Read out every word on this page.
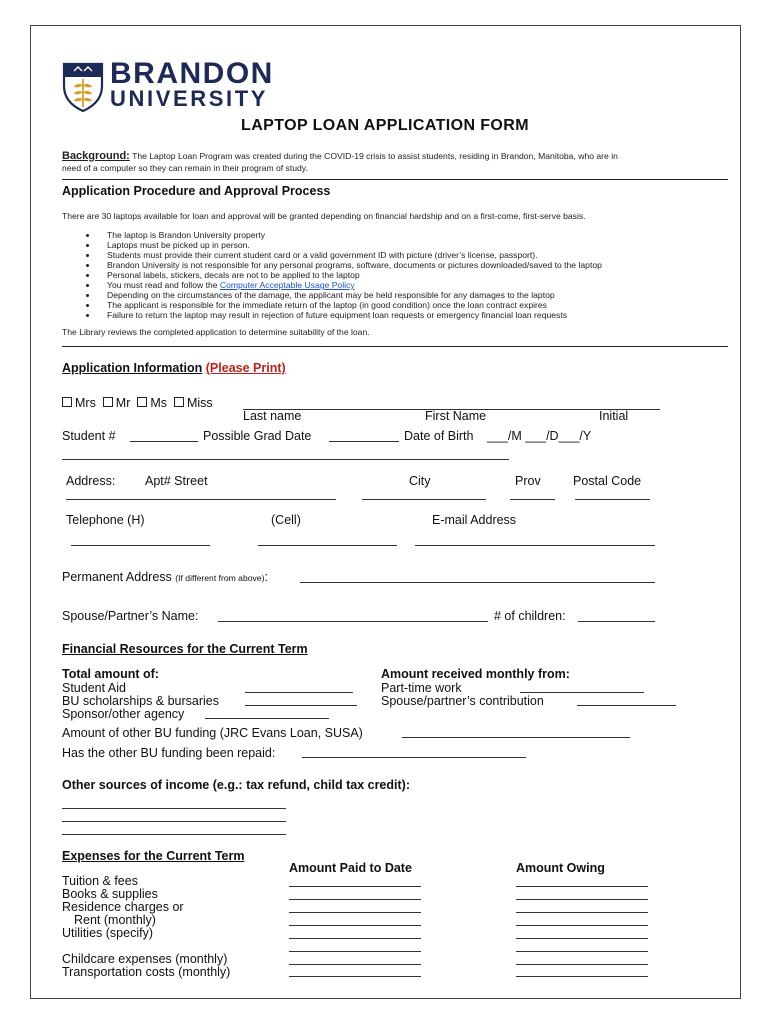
BRANDON
UNIVERSITY
LAPTOP LOAN APPLICATION FORM
Background: The Laptop Loan Program was created during the COVID-19 crisis to assist students, residing in Brandon, Manitoba, who are in
need of a computer so they can remain in their program of study.
Application Procedure and Approval Process
There are 30 laptops available for loan and approval will be granted depending on financial hardship and on a first-come, first-serve basis.
The laptop is Brandon University property
Laptops must be picked up in person.
Students must provide their current student card or a valid government ID with picture (driver’s license, passport).
Brandon University is not responsible for any personal programs, software, documents or pictures downloaded/saved to the laptop
Personal labels, stickers, decals are not to be applied to the laptop
You must read and follow the Computer Acceptable Usage Policy
Depending on the circumstances of the damage, the applicant may be held responsible for any damages to the laptop
The applicant is responsible for the immediate return of the laptop (in good condition) once the loan contract expires
Failure to return the laptop may result in rejection of future equipment loan requests or emergency financial loan requests
The Library reviews the completed application to determine suitability of the loan.
Application Information (Please Print)
Mrs Mr Ms Miss
Last name	First Name	Initial
Student #	Possible Grad Date	Date of Birth ___/M ___/D___/Y
Address: Apt# Street	City	Prov	Postal Code
Telephone (H)	(Cell)	E-mail Address
Permanent Address (If different from above):
Spouse/Partner’s Name:	# of children:
Financial Resources for the Current Term
Total amount of:
Student Aid
BU scholarships & bursaries
Sponsor/other agency
Amount received monthly from:
Part-time work
Spouse/partner’s contribution
Amount of other BU funding (JRC Evans Loan, SUSA)
Has the other BU funding been repaid:
Other sources of income (e.g.: tax refund, child tax credit):
Expenses for the Current Term
Amount Paid to Date	Amount Owing
Tuition & fees
Books & supplies
Residence charges or
Rent (monthly)
Utilities (specify)
Childcare expenses (monthly)
Transportation costs (monthly)
